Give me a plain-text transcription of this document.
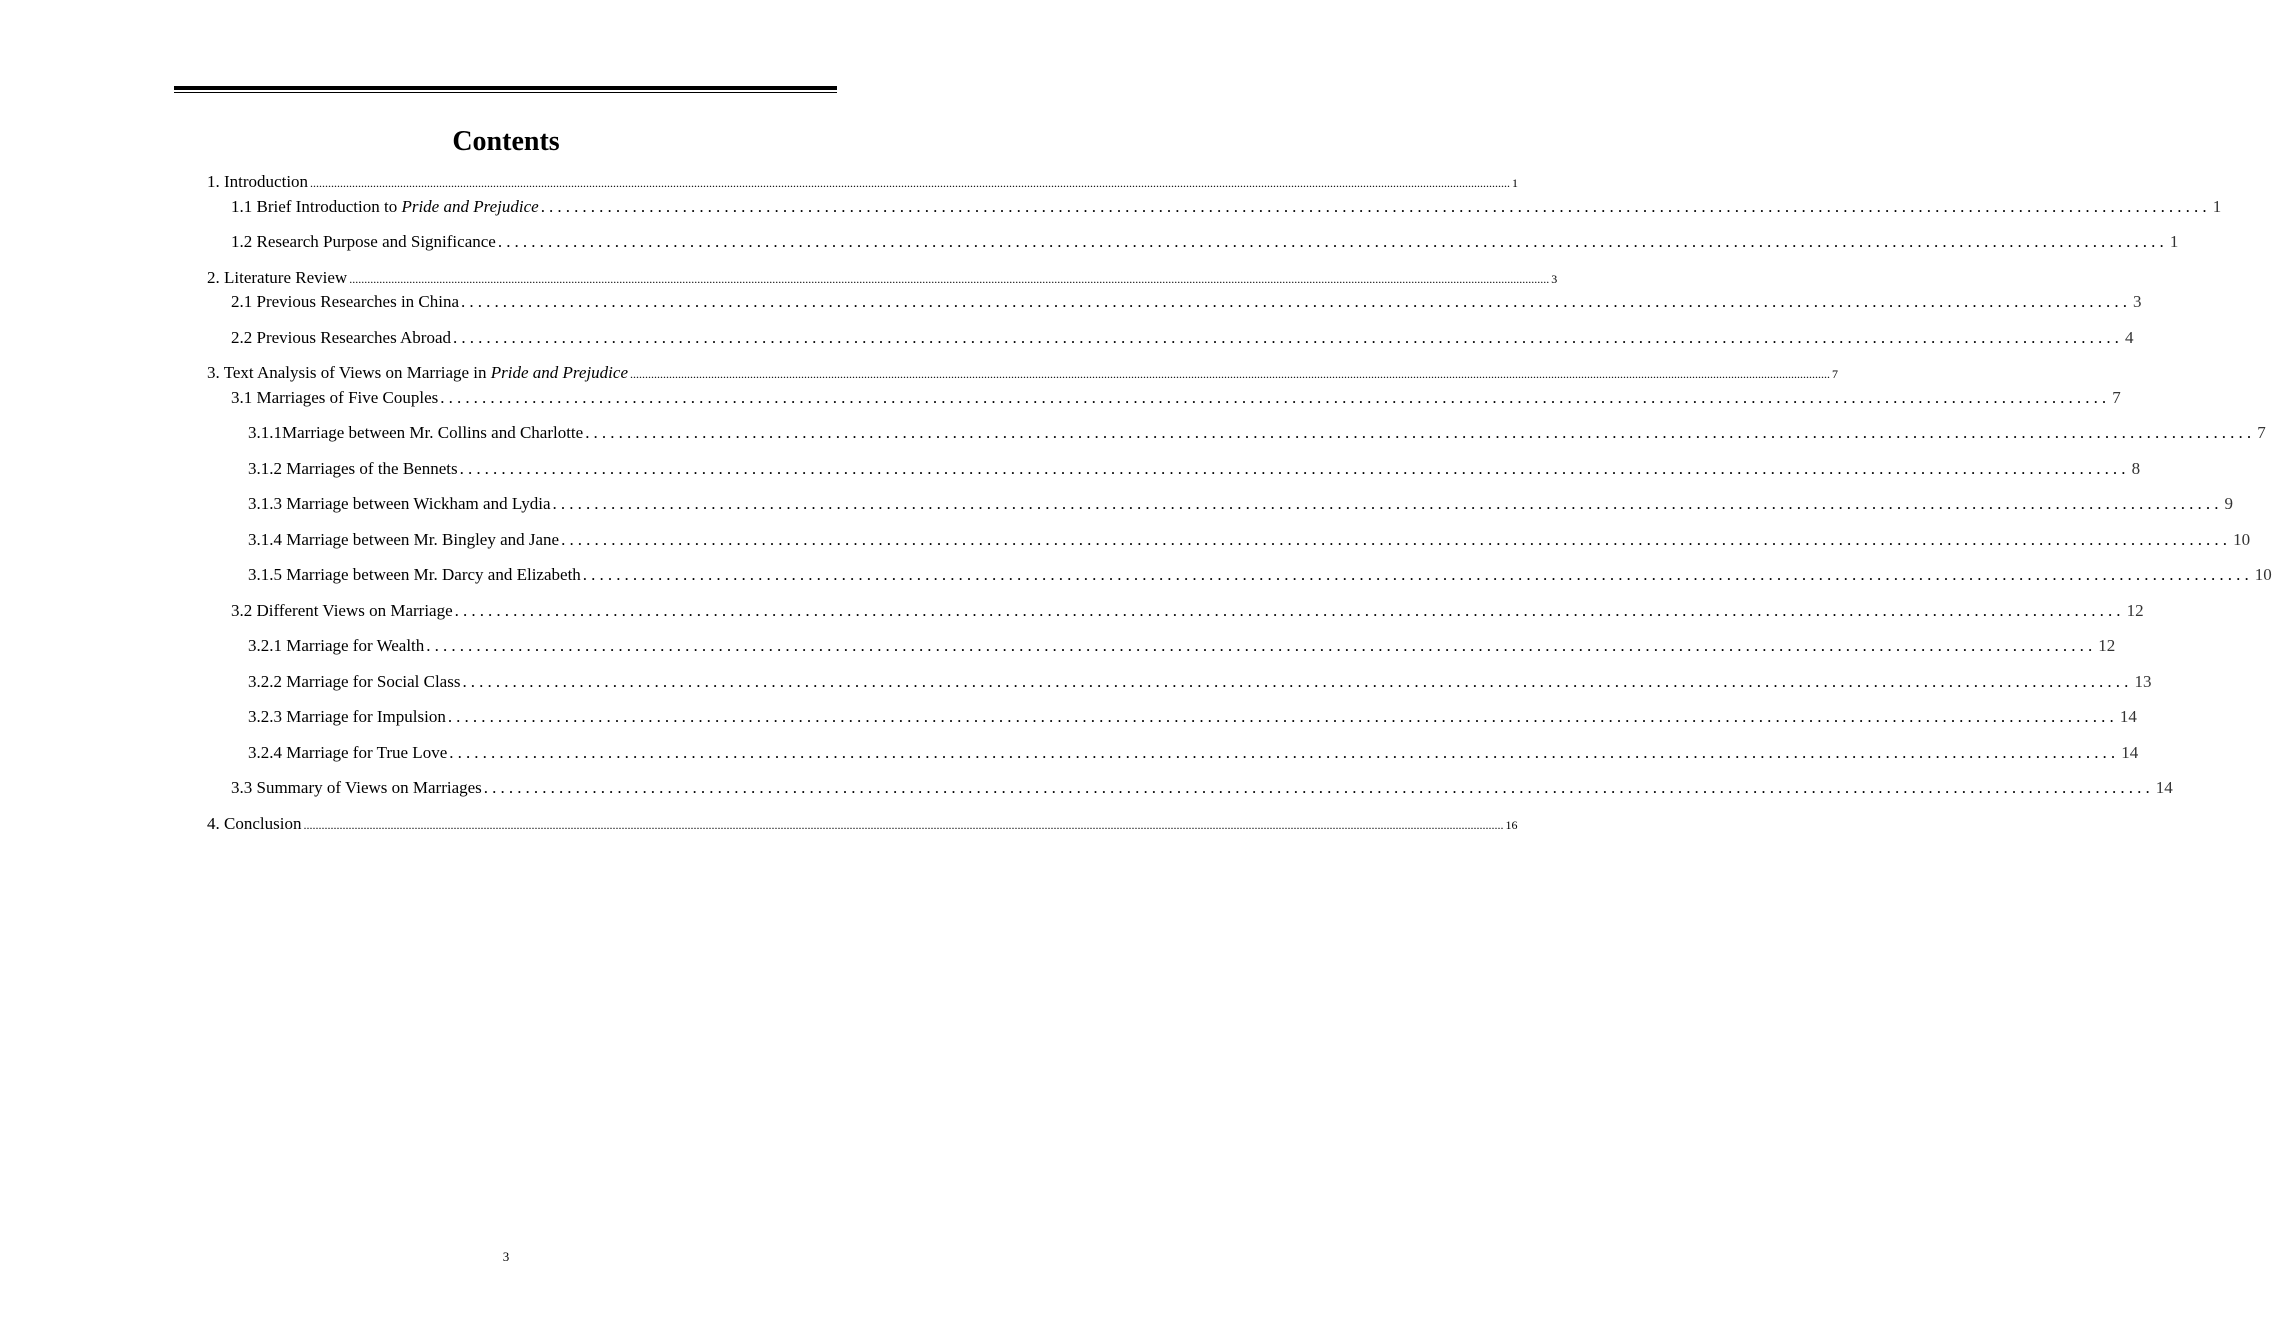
Contents
1. Introduction ................................................................................................................................................................................................................................................................................................................................................................................................................ 1
1.1 Brief Introduction to Pride and Prejudice ........................................................................................................................................................................................................ 1
1.2 Research Purpose and Significance ........................................................................................................................................................................................................ 1
2. Literature Review ................................................................................................................................................................................................................................................................................................................................................................................................................ 3
2.1 Previous Researches in China ........................................................................................................................................................................................................ 3
2.2 Previous Researches Abroad ........................................................................................................................................................................................................ 4
3. Text Analysis of Views on Marriage in Pride and Prejudice ................................................................................................................................................................................................................................................................................................................................................................................................................ 7
3.1 Marriages of Five Couples ........................................................................................................................................................................................................ 7
3.1.1Marriage between Mr. Collins and Charlotte ........................................................................................................................................................................................................ 7
3.1.2 Marriages of the Bennets ........................................................................................................................................................................................................ 8
3.1.3 Marriage between Wickham and Lydia ........................................................................................................................................................................................................ 9
3.1.4 Marriage between Mr. Bingley and Jane ........................................................................................................................................................................................................ 10
3.1.5 Marriage between Mr. Darcy and Elizabeth ........................................................................................................................................................................................................ 10
3.2 Different Views on Marriage ........................................................................................................................................................................................................ 12
3.2.1 Marriage for Wealth ........................................................................................................................................................................................................ 12
3.2.2 Marriage for Social Class ........................................................................................................................................................................................................ 13
3.2.3 Marriage for Impulsion ........................................................................................................................................................................................................ 14
3.2.4 Marriage for True Love ........................................................................................................................................................................................................ 14
3.3 Summary of Views on Marriages ........................................................................................................................................................................................................ 14
4. Conclusion ................................................................................................................................................................................................................................................................................................................................................................................................................ 16
3
